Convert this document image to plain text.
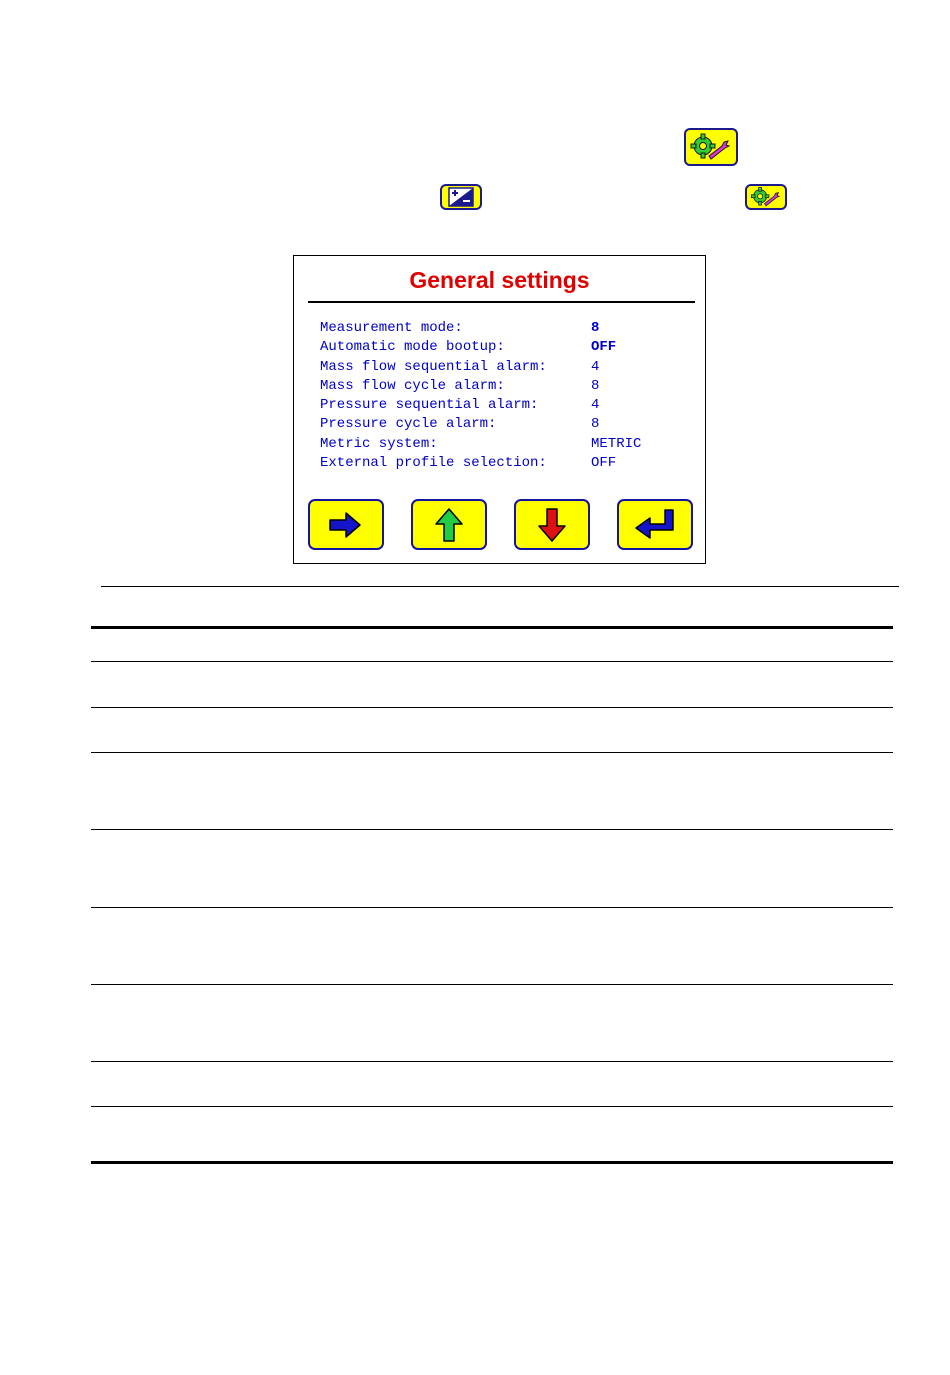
General settings
Measurement mode:	8
Automatic mode bootup:	OFF
Mass flow sequential alarm:	4
Mass flow cycle alarm:	8
Pressure sequential alarm:	4
Pressure cycle alarm:	8
Metric system:	METRIC
External profile selection:	OFF
